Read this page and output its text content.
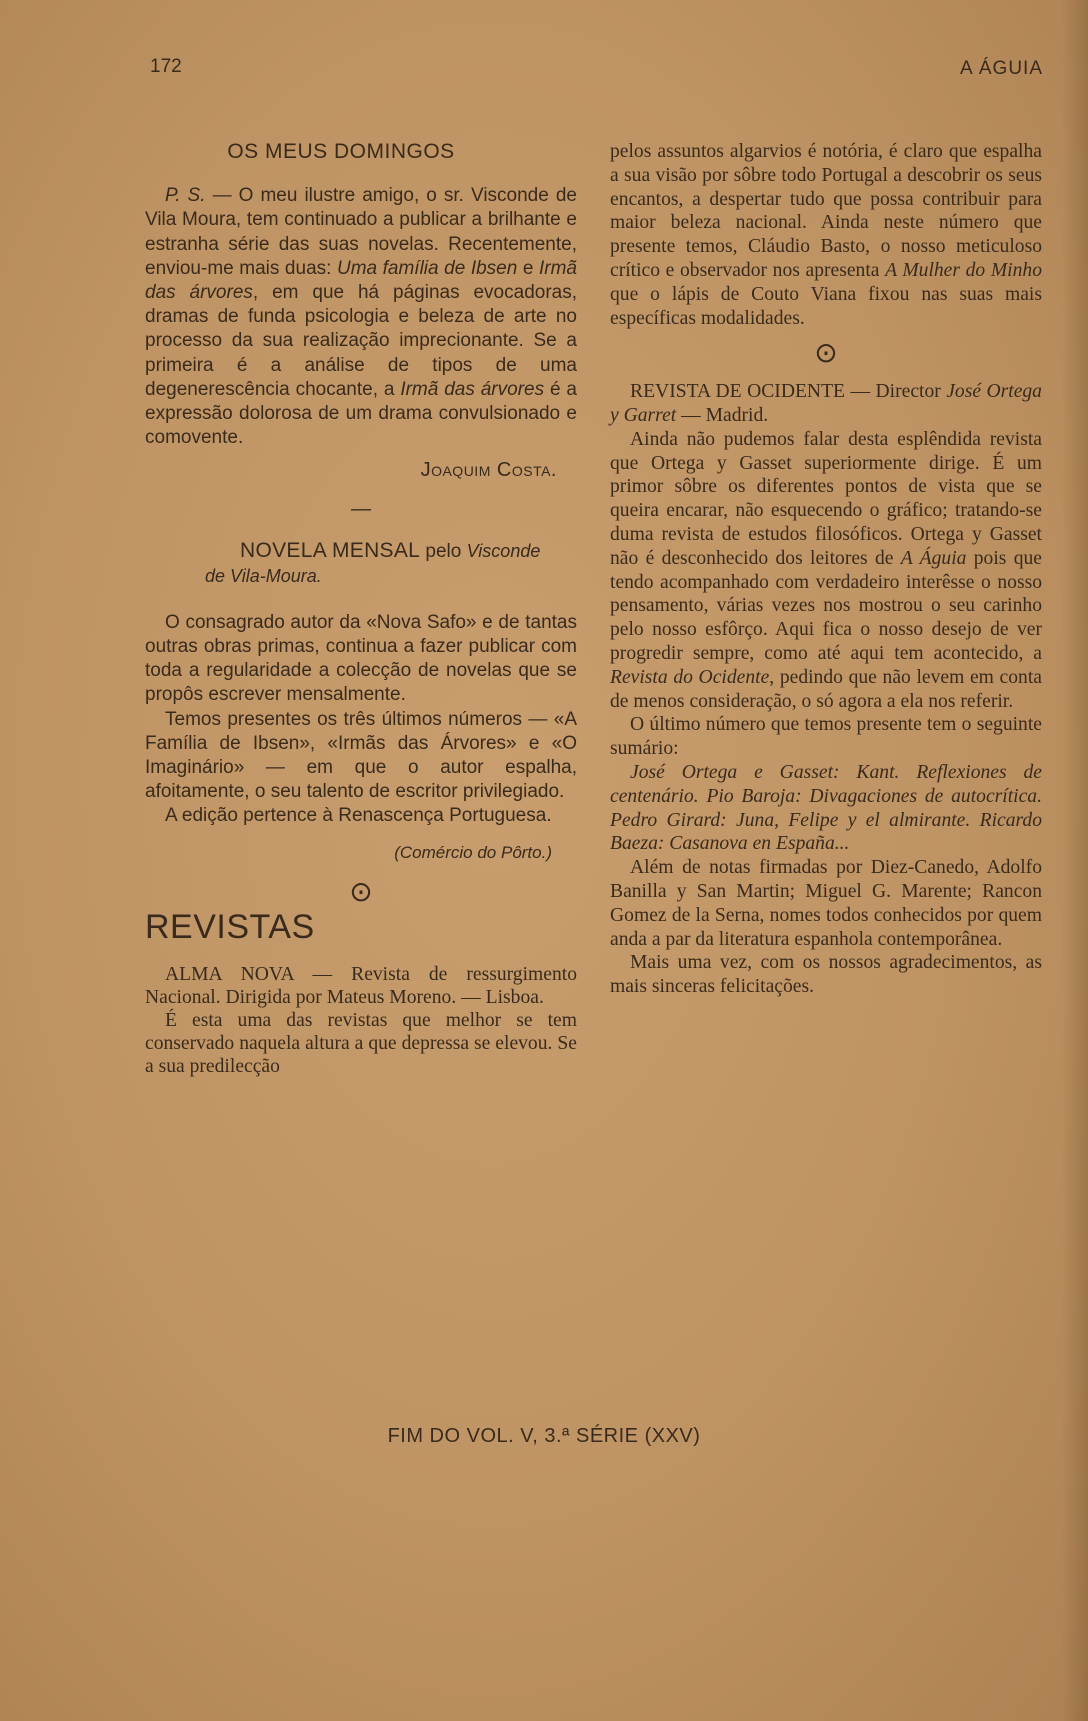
172	A ÁGUIA
OS MEUS DOMINGOS

P. S. — O meu ilustre amigo, o sr. Visconde de Vila Moura, tem continuado a publicar a brilhante e estranha série das suas novelas. Recentemente, enviou-me mais duas: Uma família de Ibsen e Irmã das árvores, em que há páginas evocadoras, dramas de funda psicologia e beleza de arte no processo da sua realização imprecionante. Se a primeira é a análise de tipos de uma degenerescência chocante, a Irmã das árvores é a expressão dolorosa de um drama convulsionado e comovente.

Joaquim Costa.
—
NOVELA MENSAL pelo Visconde
de Vila-Moura.

O consagrado autor da «Nova Safo» e de tantas outras obras primas, continua a fazer publicar com toda a regularidade a colecção de novelas que se propôs escrever mensalmente.

Temos presentes os três últimos números — «A Família de Ibsen», «Irmãs das Árvores» e «O Imaginário» — em que o autor espalha, afoitamente, o seu talento de escritor privilegiado.

A edição pertence à Renascença Portuguesa.

(Comércio do Pôrto.)
⊙
REVISTAS

ALMA NOVA — Revista de ressurgimento Nacional. Dirigida por Mateus Moreno. — Lisboa.

É esta uma das revistas que melhor se tem conservado naquela altura a que depressa se elevou. Se a sua predilecção

pelos assuntos algarvios é notória, é claro que espalha a sua visão por sôbre todo Portugal a descobrir os seus encantos, a despertar tudo que possa contribuir para maior beleza nacional. Ainda neste número que presente temos, Cláudio Basto, o nosso meticuloso crítico e observador nos apresenta A Mulher do Minho que o lápis de Couto Viana fixou nas suas mais específicas modalidades.

⊙

REVISTA DE OCIDENTE — Director José Ortega y Garret — Madrid.

Ainda não pudemos falar desta esplêndida revista que Ortega y Gasset superiormente dirige. É um primor sôbre os diferentes pontos de vista que se queira encarar, não esquecendo o gráfico; tratando-se duma revista de estudos filosóficos. Ortega y Gasset não é desconhecido dos leitores de A Águia pois que tendo acompanhado com verdadeiro interêsse o nosso pensamento, várias vezes nos mostrou o seu carinho pelo nosso esfôrço. Aqui fica o nosso desejo de ver progredir sempre, como até aqui tem acontecido, a Revista do Ocidente, pedindo que não levem em conta de menos consideração, o só agora a ela nos referir.

O último número que temos presente tem o seguinte sumário:

José Ortega e Gasset: Kant. Reflexiones de centenário. Pio Baroja: Divagaciones de autocrítica. Pedro Girard: Juna, Felipe y el almirante. Ricardo Baeza: Casanova en España...

Além de notas firmadas por Diez-Canedo, Adolfo Banilla y San Martin; Miguel G. Marente; Rancon Gomez de la Serna, nomes todos conhecidos por quem anda a par da literatura espanhola contemporânea.

Mais uma vez, com os nossos agradecimentos, as mais sinceras felicitações.

FIM DO VOL. V, 3.ª SÉRIE (XXV)
